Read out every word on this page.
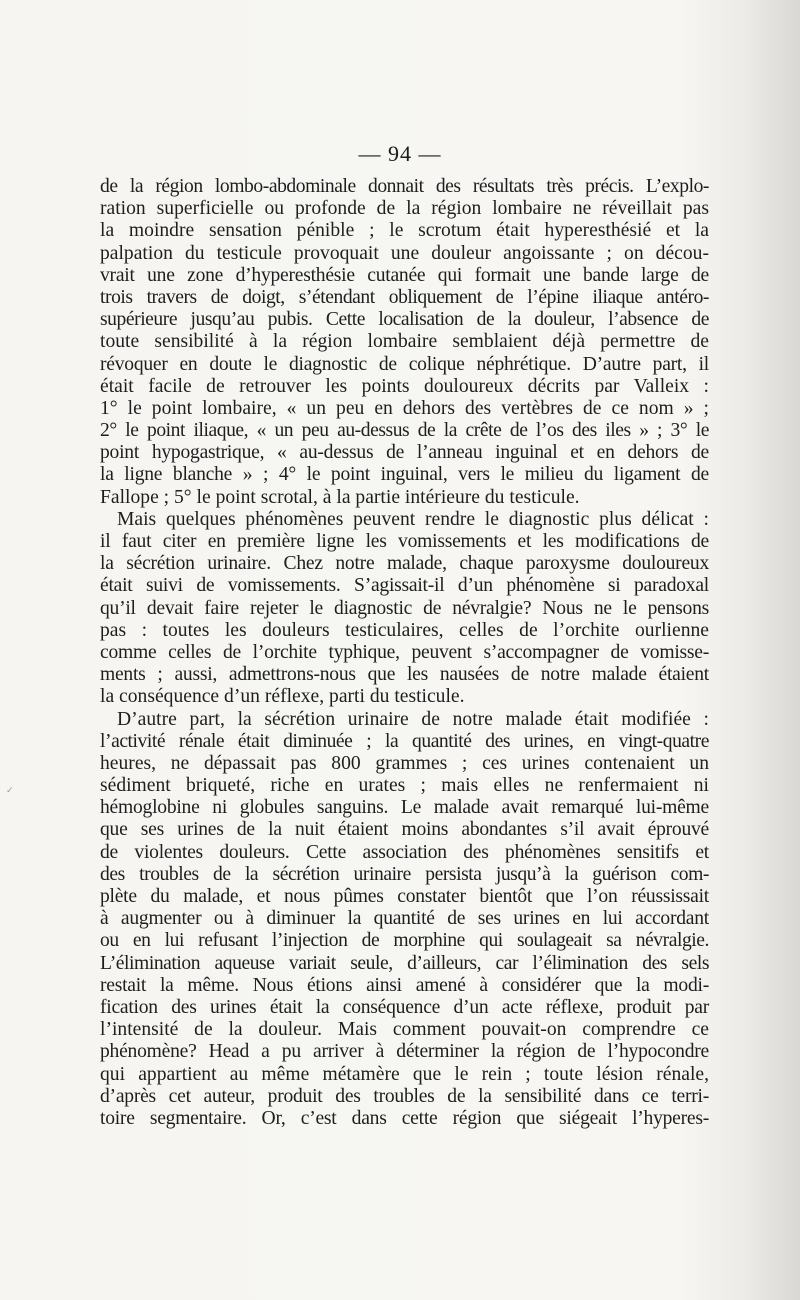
— 94 —
✓
de la région lombo-abdominale donnait des résultats très précis. L’explo-
ration superficielle ou profonde de la région lombaire ne réveillait pas
la moindre sensation pénible ; le scrotum était hyperesthésié et la
palpation du testicule provoquait une douleur angoissante ; on décou-
vrait une zone d’hyperesthésie cutanée qui formait une bande large de
trois travers de doigt, s’étendant obliquement de l’épine iliaque antéro-
supérieure jusqu’au pubis. Cette localisation de la douleur, l’absence de
toute sensibilité à la région lombaire semblaient déjà permettre de
révoquer en doute le diagnostic de colique néphrétique. D’autre part, il
était facile de retrouver les points douloureux décrits par Valleix :
1° le point lombaire, « un peu en dehors des vertèbres de ce nom » ;
2° le point iliaque, « un peu au-dessus de la crête de l’os des iles » ; 3° le
point hypogastrique, « au-dessus de l’anneau inguinal et en dehors de
la ligne blanche » ; 4° le point inguinal, vers le milieu du ligament de
Fallope ; 5° le point scrotal, à la partie intérieure du testicule.
Mais quelques phénomènes peuvent rendre le diagnostic plus délicat :
il faut citer en première ligne les vomissements et les modifications de
la sécrétion urinaire. Chez notre malade, chaque paroxysme douloureux
était suivi de vomissements. S’agissait-il d’un phénomène si paradoxal
qu’il devait faire rejeter le diagnostic de névralgie? Nous ne le pensons
pas : toutes les douleurs testiculaires, celles de l’orchite ourlienne
comme celles de l’orchite typhique, peuvent s’accompagner de vomisse-
ments ; aussi, admettrons-nous que les nausées de notre malade étaient
la conséquence d’un réflexe, parti du testicule.
D’autre part, la sécrétion urinaire de notre malade était modifiée :
l’activité rénale était diminuée ; la quantité des urines, en vingt-quatre
heures, ne dépassait pas 800 grammes ; ces urines contenaient un
sédiment briqueté, riche en urates ; mais elles ne renfermaient ni
hémoglobine ni globules sanguins. Le malade avait remarqué lui-même
que ses urines de la nuit étaient moins abondantes s’il avait éprouvé
de violentes douleurs. Cette association des phénomènes sensitifs et
des troubles de la sécrétion urinaire persista jusqu’à la guérison com-
plète du malade, et nous pûmes constater bientôt que l’on réussissait
à augmenter ou à diminuer la quantité de ses urines en lui accordant
ou en lui refusant l’injection de morphine qui soulageait sa névralgie.
L’élimination aqueuse variait seule, d’ailleurs, car l’élimination des sels
restait la même. Nous étions ainsi amené à considérer que la modi-
fication des urines était la conséquence d’un acte réflexe, produit par
l’intensité de la douleur. Mais comment pouvait-on comprendre ce
phénomène? Head a pu arriver à déterminer la région de l’hypocondre
qui appartient au même métamère que le rein ; toute lésion rénale,
d’après cet auteur, produit des troubles de la sensibilité dans ce terri-
toire segmentaire. Or, c’est dans cette région que siégeait l’hyperes-
